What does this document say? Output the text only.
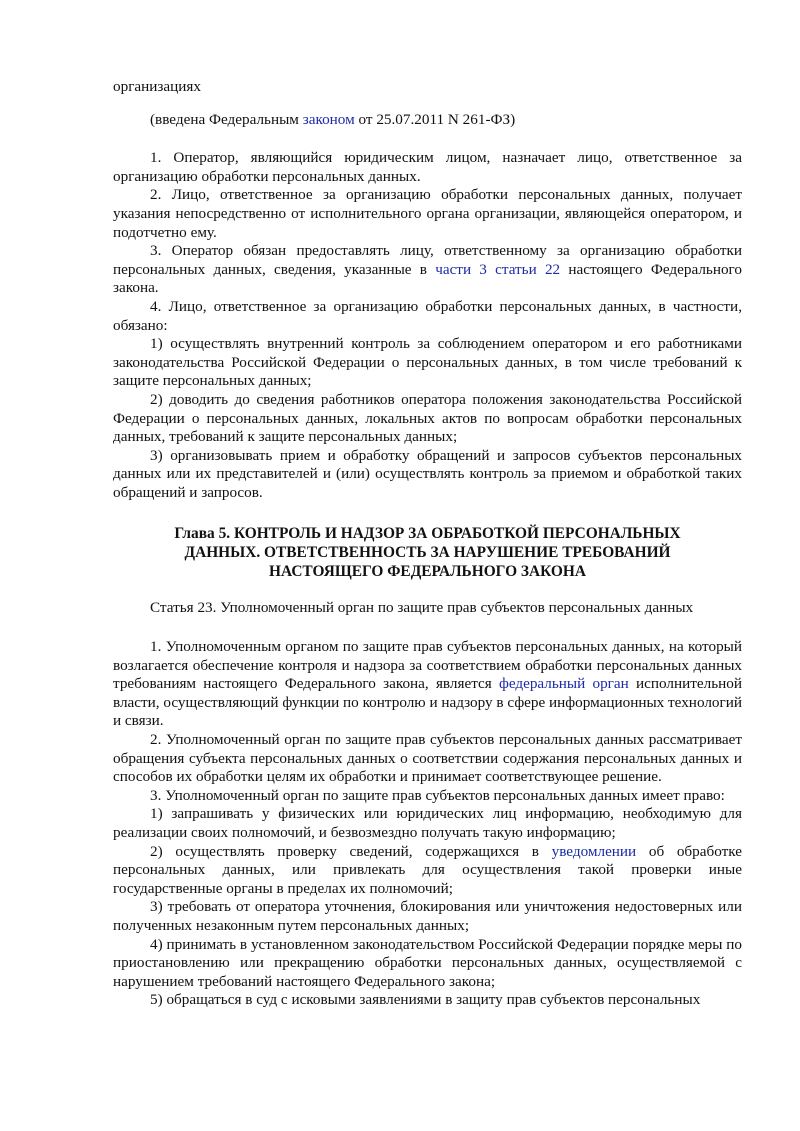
организациях

(введена Федеральным законом от 25.07.2011 N 261-ФЗ)

1. Оператор, являющийся юридическим лицом, назначает лицо, ответственное за организацию обработки персональных данных.

2. Лицо, ответственное за организацию обработки персональных данных, получает указания непосредственно от исполнительного органа организации, являющейся оператором, и подотчетно ему.

3. Оператор обязан предоставлять лицу, ответственному за организацию обработки персональных данных, сведения, указанные в части 3 статьи 22 настоящего Федерального закона.

4. Лицо, ответственное за организацию обработки персональных данных, в частности, обязано:

1) осуществлять внутренний контроль за соблюдением оператором и его работниками законодательства Российской Федерации о персональных данных, в том числе требований к защите персональных данных;

2) доводить до сведения работников оператора положения законодательства Российской Федерации о персональных данных, локальных актов по вопросам обработки персональных данных, требований к защите персональных данных;

3) организовывать прием и обработку обращений и запросов субъектов персональных данных или их представителей и (или) осуществлять контроль за приемом и обработкой таких обращений и запросов.

Глава 5. КОНТРОЛЬ И НАДЗОР ЗА ОБРАБОТКОЙ ПЕРСОНАЛЬНЫХ ДАННЫХ. ОТВЕТСТВЕННОСТЬ ЗА НАРУШЕНИЕ ТРЕБОВАНИЙ НАСТОЯЩЕГО ФЕДЕРАЛЬНОГО ЗАКОНА

Статья 23. Уполномоченный орган по защите прав субъектов персональных данных

1. Уполномоченным органом по защите прав субъектов персональных данных, на который возлагается обеспечение контроля и надзора за соответствием обработки персональных данных требованиям настоящего Федерального закона, является федеральный орган исполнительной власти, осуществляющий функции по контролю и надзору в сфере информационных технологий и связи.

2. Уполномоченный орган по защите прав субъектов персональных данных рассматривает обращения субъекта персональных данных о соответствии содержания персональных данных и способов их обработки целям их обработки и принимает соответствующее решение.

3. Уполномоченный орган по защите прав субъектов персональных данных имеет право:

1) запрашивать у физических или юридических лиц информацию, необходимую для реализации своих полномочий, и безвозмездно получать такую информацию;

2) осуществлять проверку сведений, содержащихся в уведомлении об обработке персональных данных, или привлекать для осуществления такой проверки иные государственные органы в пределах их полномочий;

3) требовать от оператора уточнения, блокирования или уничтожения недостоверных или полученных незаконным путем персональных данных;

4) принимать в установленном законодательством Российской Федерации порядке меры по приостановлению или прекращению обработки персональных данных, осуществляемой с нарушением требований настоящего Федерального закона;

5) обращаться в суд с исковыми заявлениями в защиту прав субъектов персональных
